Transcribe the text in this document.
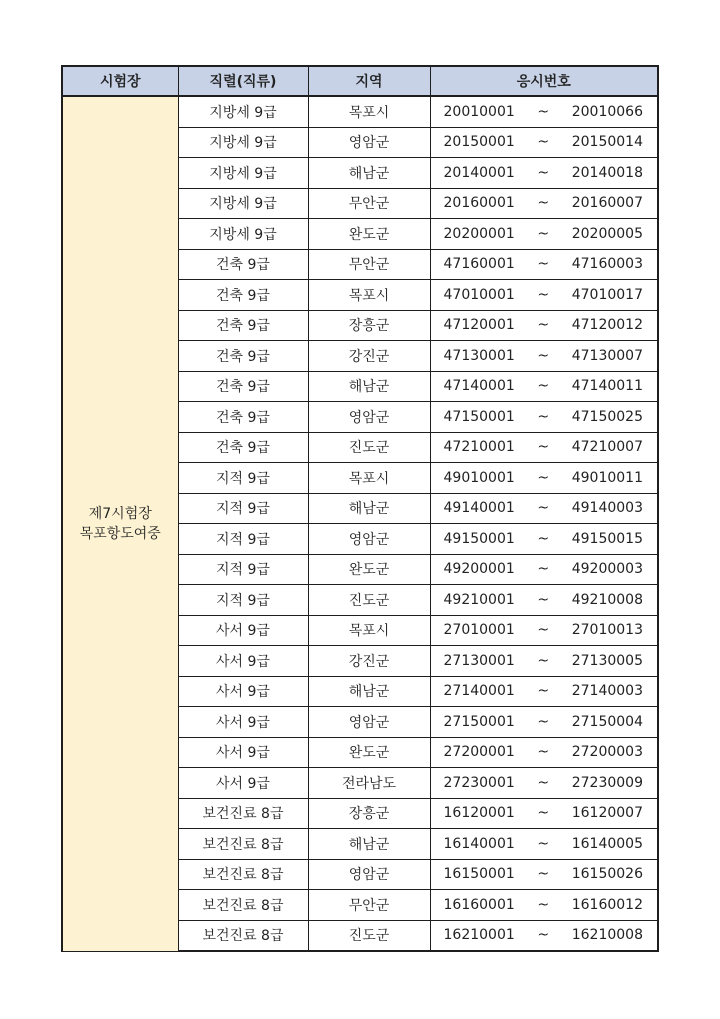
시험장	직렬(직류)	지역	응시번호

제7시험장
목포항도여중	지방세 9급	목포시	20010001 ~ 20010066

	지방세 9급	영암군	20150001 ~ 20150014

	지방세 9급	해남군	20140001 ~ 20140018

	지방세 9급	무안군	20160001 ~ 20160007

	지방세 9급	완도군	20200001 ~ 20200005

	건축 9급	무안군	47160001 ~ 47160003

	건축 9급	목포시	47010001 ~ 47010017

	건축 9급	장흥군	47120001 ~ 47120012

	건축 9급	강진군	47130001 ~ 47130007

	건축 9급	해남군	47140001 ~ 47140011

	건축 9급	영암군	47150001 ~ 47150025

	건축 9급	진도군	47210001 ~ 47210007

	지적 9급	목포시	49010001 ~ 49010011

	지적 9급	해남군	49140001 ~ 49140003

	지적 9급	영암군	49150001 ~ 49150015

	지적 9급	완도군	49200001 ~ 49200003

	지적 9급	진도군	49210001 ~ 49210008

	사서 9급	목포시	27010001 ~ 27010013

	사서 9급	강진군	27130001 ~ 27130005

	사서 9급	해남군	27140001 ~ 27140003

	사서 9급	영암군	27150001 ~ 27150004

	사서 9급	완도군	27200001 ~ 27200003

	사서 9급	전라남도	27230001 ~ 27230009

	보건진료 8급	장흥군	16120001 ~ 16120007

	보건진료 8급	해남군	16140001 ~ 16140005

	보건진료 8급	영암군	16150001 ~ 16150026

	보건진료 8급	무안군	16160001 ~ 16160012

	보건진료 8급	진도군	16210001 ~ 16210008
